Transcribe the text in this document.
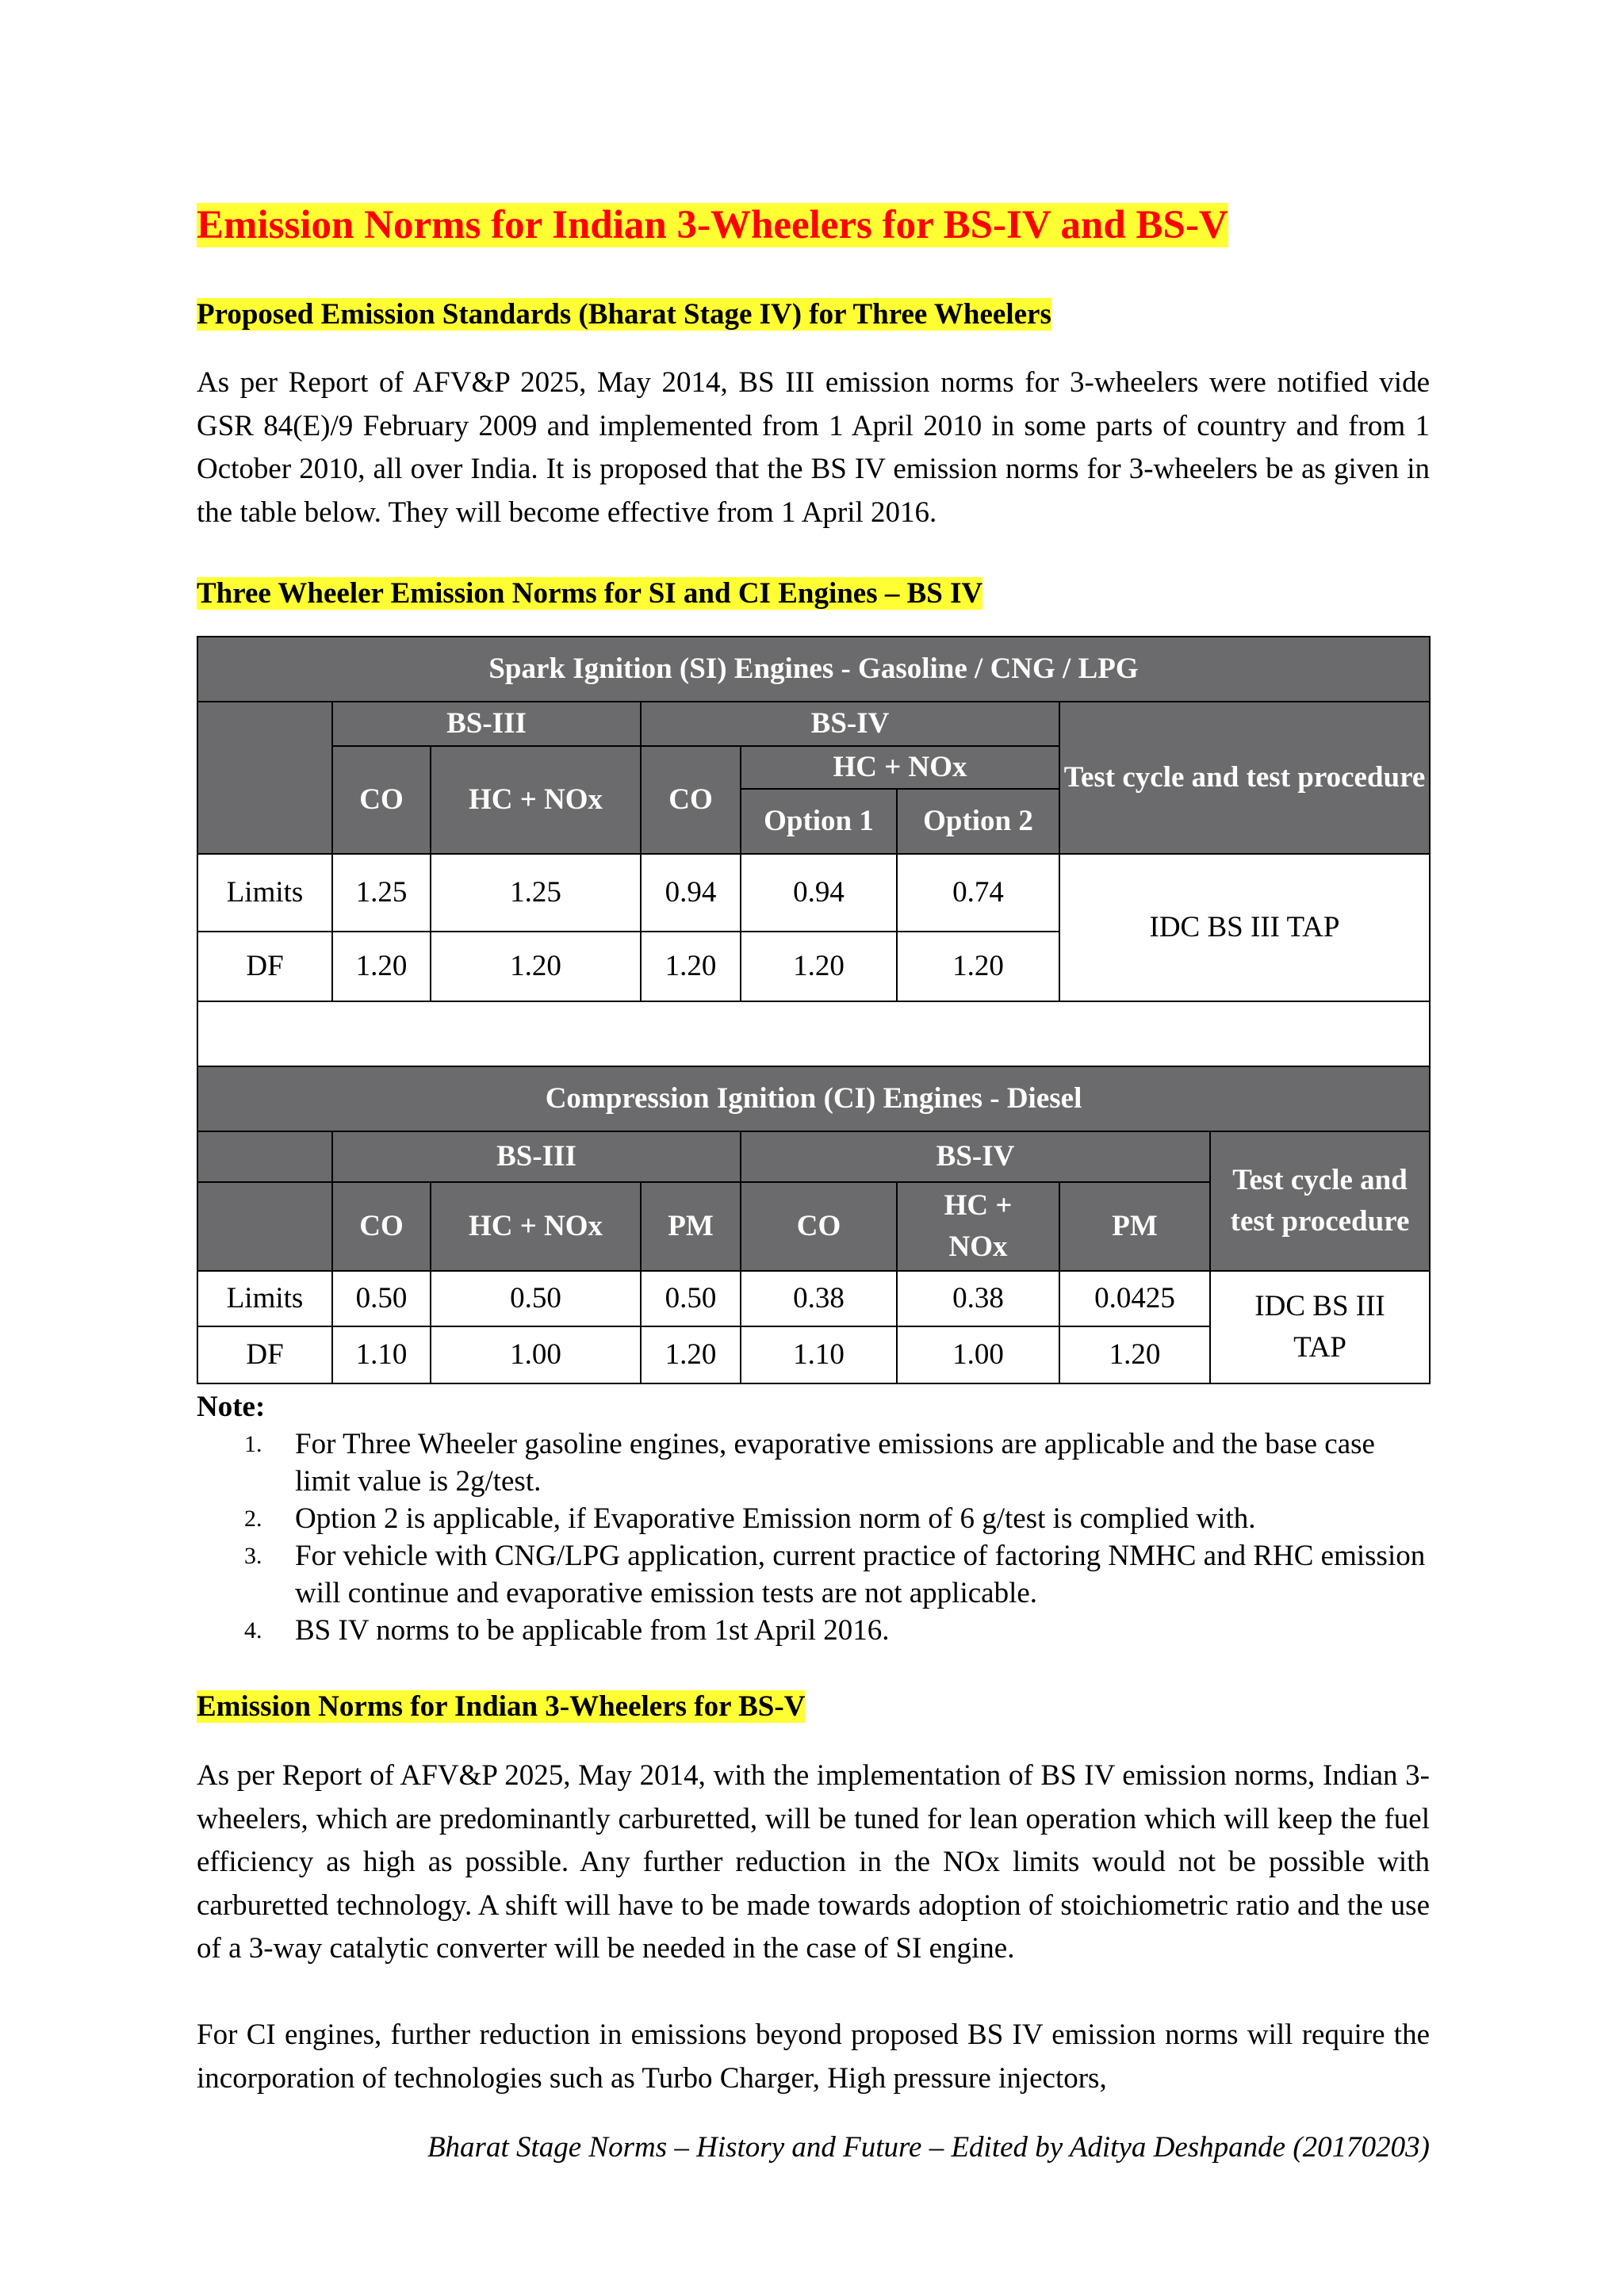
Emission Norms for Indian 3-Wheelers for BS-IV and BS-V
Proposed Emission Standards (Bharat Stage IV) for Three Wheelers
As per Report of AFV&P 2025, May 2014, BS III emission norms for 3-wheelers were notified vide GSR 84(E)/9 February 2009 and implemented from 1 April 2010 in some parts of country and from 1 October 2010, all over India. It is proposed that the BS IV emission norms for 3-wheelers be as given in the table below. They will become effective from 1 April 2016.
Three Wheeler Emission Norms for SI and CI Engines – BS IV
Spark Ignition (SI) Engines - Gasoline / CNG / LPG						
	BS-III		BS-IV			Test cycle and test procedure
	CO	HC + NOx	CO	HC + NOx		
				Option 1	Option 2	
Limits	1.25	1.25	0.94	0.94	0.74	IDC BS III TAP
DF	1.20	1.20	1.20	1.20	1.20	

Compression Ignition (CI) Engines - Diesel							
	BS-III			BS-IV			Test cycle and test procedure
	CO	HC + NOx	PM	CO	HC + NOx	PM	
Limits	0.50	0.50	0.50	0.38	0.38	0.0425	IDC BS III TAP
DF	1.10	1.00	1.20	1.10	1.00	1.20	
Note:
1. For Three Wheeler gasoline engines, evaporative emissions are applicable and the base case limit value is 2g/test.
2. Option 2 is applicable, if Evaporative Emission norm of 6 g/test is complied with.
3. For vehicle with CNG/LPG application, current practice of factoring NMHC and RHC emission will continue and evaporative emission tests are not applicable.
4. BS IV norms to be applicable from 1st April 2016.
Emission Norms for Indian 3-Wheelers for BS-V
As per Report of AFV&P 2025, May 2014, with the implementation of BS IV emission norms, Indian 3-wheelers, which are predominantly carburetted, will be tuned for lean operation which will keep the fuel efficiency as high as possible. Any further reduction in the NOx limits would not be possible with carburetted technology. A shift will have to be made towards adoption of stoichiometric ratio and the use of a 3-way catalytic converter will be needed in the case of SI engine.
For CI engines, further reduction in emissions beyond proposed BS IV emission norms will require the incorporation of technologies such as Turbo Charger, High pressure injectors,
Bharat Stage Norms – History and Future – Edited by Aditya Deshpande (20170203)
